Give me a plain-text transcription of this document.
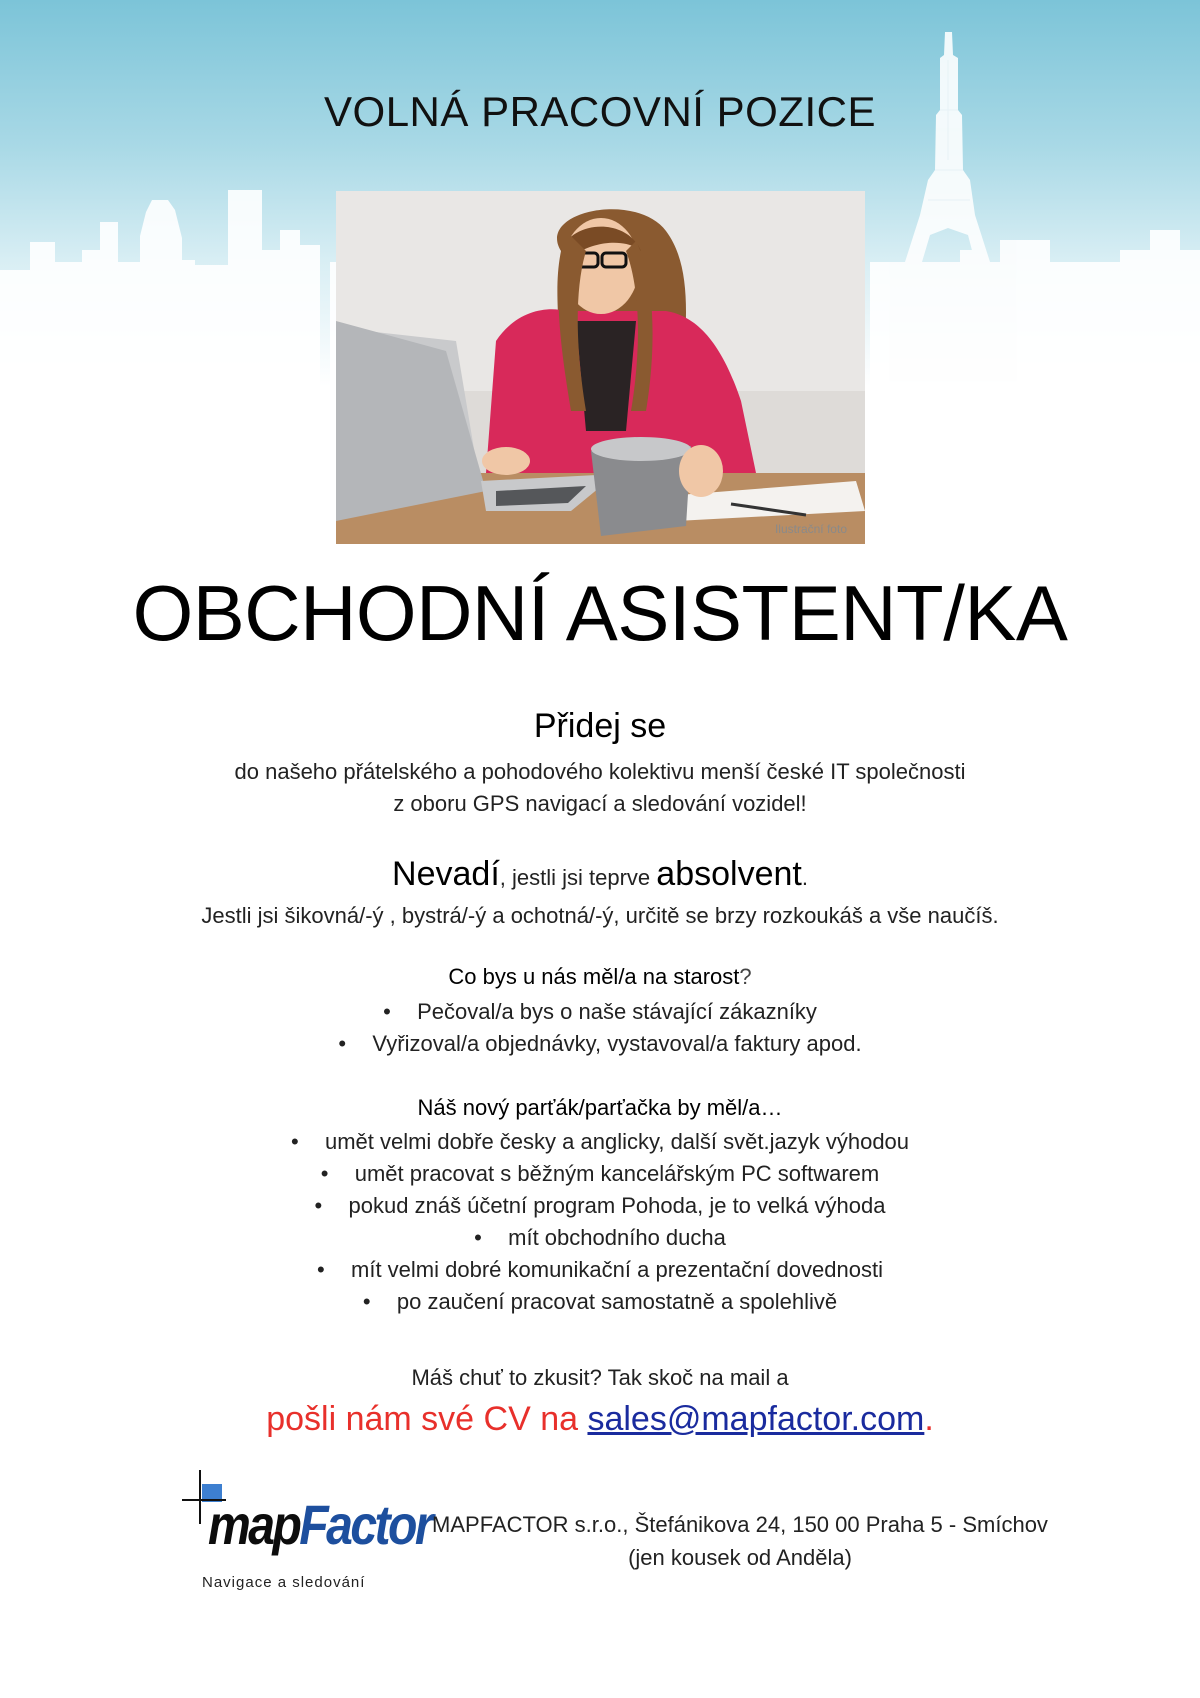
VOLNÁ PRACOVNÍ POZICE
Ilustrační foto
OBCHODNÍ ASISTENT/KA
Přidej se
do našeho přátelského a pohodového kolektivu menší české IT společnosti
z oboru GPS navigací a sledování vozidel!
Nevadí, jestli jsi teprve absolvent.
Jestli jsi šikovná/-ý , bystrá/-ý a ochotná/-ý, určitě se brzy rozkoukáš a vše naučíš.
Co bys u nás měl/a na starost?
• Pečoval/a bys o naše stávající zákazníky
• Vyřizoval/a objednávky, vystavoval/a faktury apod.
Náš nový parťák/parťačka by měl/a…
• umět velmi dobře česky a anglicky, další svět.jazyk výhodou
• umět pracovat s běžným kancelářským PC softwarem
• pokud znáš účetní program Pohoda, je to velká výhoda
• mít obchodního ducha
• mít velmi dobré komunikační a prezentační dovednosti
• po zaučení pracovat samostatně a spolehlivě
Máš chuť to zkusit? Tak skoč na mail a
pošli nám své CV na sales@mapfactor.com.
mapFactor
Navigace a sledování
MAPFACTOR s.r.o., Štefánikova 24, 150 00 Praha 5 - Smíchov
(jen kousek od Anděla)
